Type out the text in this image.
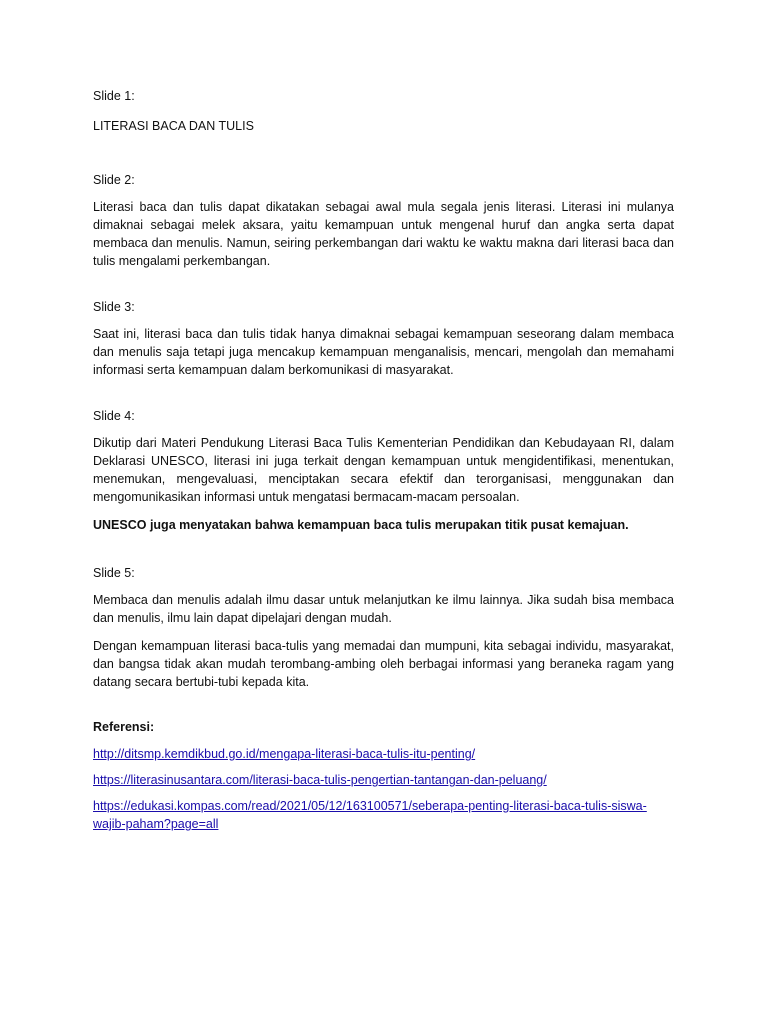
Slide 1:

LITERASI BACA DAN TULIS

Slide 2:

Literasi baca dan tulis dapat dikatakan sebagai awal mula segala jenis literasi. Literasi ini mulanya dimaknai sebagai melek aksara, yaitu kemampuan untuk mengenal huruf dan angka serta dapat membaca dan menulis. Namun, seiring perkembangan dari waktu ke waktu makna dari literasi baca dan tulis mengalami perkembangan.

Slide 3:

Saat ini, literasi baca dan tulis tidak hanya dimaknai sebagai kemampuan seseorang dalam membaca dan menulis saja tetapi juga mencakup kemampuan menganalisis, mencari, mengolah dan memahami informasi serta kemampuan dalam berkomunikasi di masyarakat.

Slide 4:

Dikutip dari Materi Pendukung Literasi Baca Tulis Kementerian Pendidikan dan Kebudayaan RI, dalam Deklarasi UNESCO, literasi ini juga terkait dengan kemampuan untuk mengidentifikasi, menentukan, menemukan, mengevaluasi, menciptakan secara efektif dan terorganisasi, menggunakan dan mengomunikasikan informasi untuk mengatasi bermacam-macam persoalan.

UNESCO juga menyatakan bahwa kemampuan baca tulis merupakan titik pusat kemajuan.

Slide 5:

Membaca dan menulis adalah ilmu dasar untuk melanjutkan ke ilmu lainnya. Jika sudah bisa membaca dan menulis, ilmu lain dapat dipelajari dengan mudah.

Dengan kemampuan literasi baca-tulis yang memadai dan mumpuni, kita sebagai individu, masyarakat, dan bangsa tidak akan mudah terombang-ambing oleh berbagai informasi yang beraneka ragam yang datang secara bertubi-tubi kepada kita.

Referensi:

http://ditsmp.kemdikbud.go.id/mengapa-literasi-baca-tulis-itu-penting/
https://literasinusantara.com/literasi-baca-tulis-pengertian-tantangan-dan-peluang/
https://edukasi.kompas.com/read/2021/05/12/163100571/seberapa-penting-literasi-baca-tulis-siswa-wajib-paham?page=all
